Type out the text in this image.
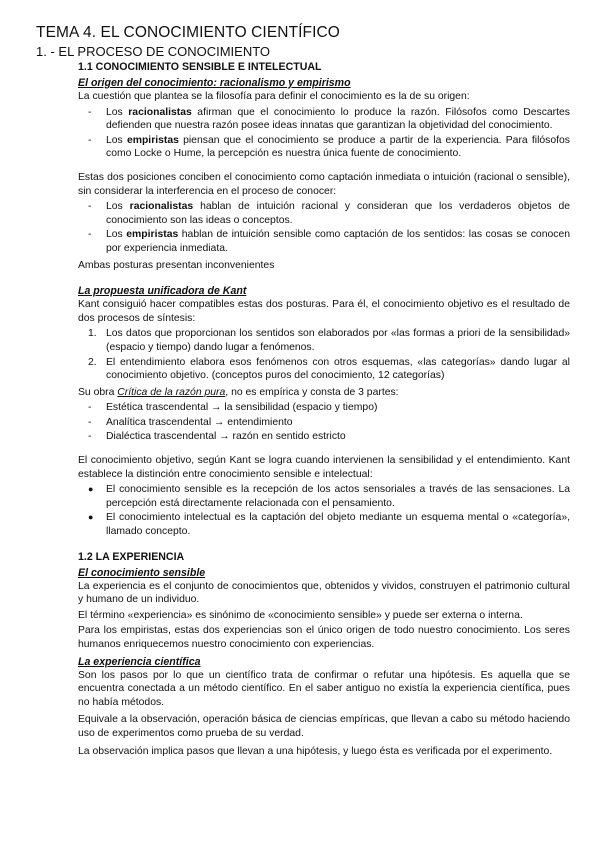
TEMA 4. EL CONOCIMIENTO CIENTÍFICO
1. - EL PROCESO DE CONOCIMIENTO
1.1 CONOCIMIENTO SENSIBLE E INTELECTUAL
El origen del conocimiento: racionalismo y empirismo

La cuestión que plantea se la filosofía para definir el conocimiento es la de su origen:

- Los racionalistas afirman que el conocimiento lo produce la razón. Filósofos como Descartes defienden que nuestra razón posee ideas innatas que garantizan la objetividad del conocimiento.
- Los empiristas piensan que el conocimiento se produce a partir de la experiencia. Para filósofos como Locke o Hume, la percepción es nuestra única fuente de conocimiento.

Estas dos posiciones conciben el conocimiento como captación inmediata o intuición (racional o sensible), sin considerar la interferencia en el proceso de conocer:

- Los racionalistas hablan de intuición racional y consideran que los verdaderos objetos de conocimiento son las ideas o conceptos.
- Los empiristas hablan de intuición sensible como captación de los sentidos: las cosas se conocen por experiencia inmediata.

Ambas posturas presentan inconvenientes

La propuesta unificadora de Kant

Kant consiguió hacer compatibles estas dos posturas. Para él, el conocimiento objetivo es el resultado de dos procesos de síntesis:

1. Los datos que proporcionan los sentidos son elaborados por «las formas a priori de la sensibilidad» (espacio y tiempo) dando lugar a fenómenos.
2. El entendimiento elabora esos fenómenos con otros esquemas, «las categorías» dando lugar al conocimiento objetivo. (conceptos puros del conocimiento, 12 categorías)

Su obra Crítica de la razón pura, no es empírica y consta de 3 partes:

- Estética trascendental → la sensibilidad (espacio y tiempo)
- Analítica trascendental → entendimiento
- Dialéctica trascendental → razón en sentido estricto

El conocimiento objetivo, según Kant se logra cuando intervienen la sensibilidad y el entendimiento. Kant establece la distinción entre conocimiento sensible e intelectual:

● El conocimiento sensible es la recepción de los actos sensoriales a través de las sensaciones. La percepción está directamente relacionada con el pensamiento.
● El conocimiento intelectual es la captación del objeto mediante un esquema mental o «categoría», llamado concepto.
1.2 LA EXPERIENCIA
El conocimiento sensible

La experiencia es el conjunto de conocimientos que, obtenidos y vividos, construyen el patrimonio cultural y humano de un individuo.

El término «experiencia» es sinónimo de «conocimiento sensible» y puede ser externa o interna.

Para los empiristas, estas dos experiencias son el único origen de todo nuestro conocimiento. Los seres humanos enriquecemos nuestro conocimiento con experiencias.

La experiencia científica

Son los pasos por lo que un científico trata de confirmar o refutar una hipótesis. Es aquella que se encuentra conectada a un método científico. En el saber antiguo no existía la experiencia científica, pues no había métodos.

Equivale a la observación, operación básica de ciencias empíricas, que llevan a cabo su método haciendo uso de experimentos como prueba de su verdad.

La observación implica pasos que llevan a una hipótesis, y luego ésta es verificada por el experimento.
